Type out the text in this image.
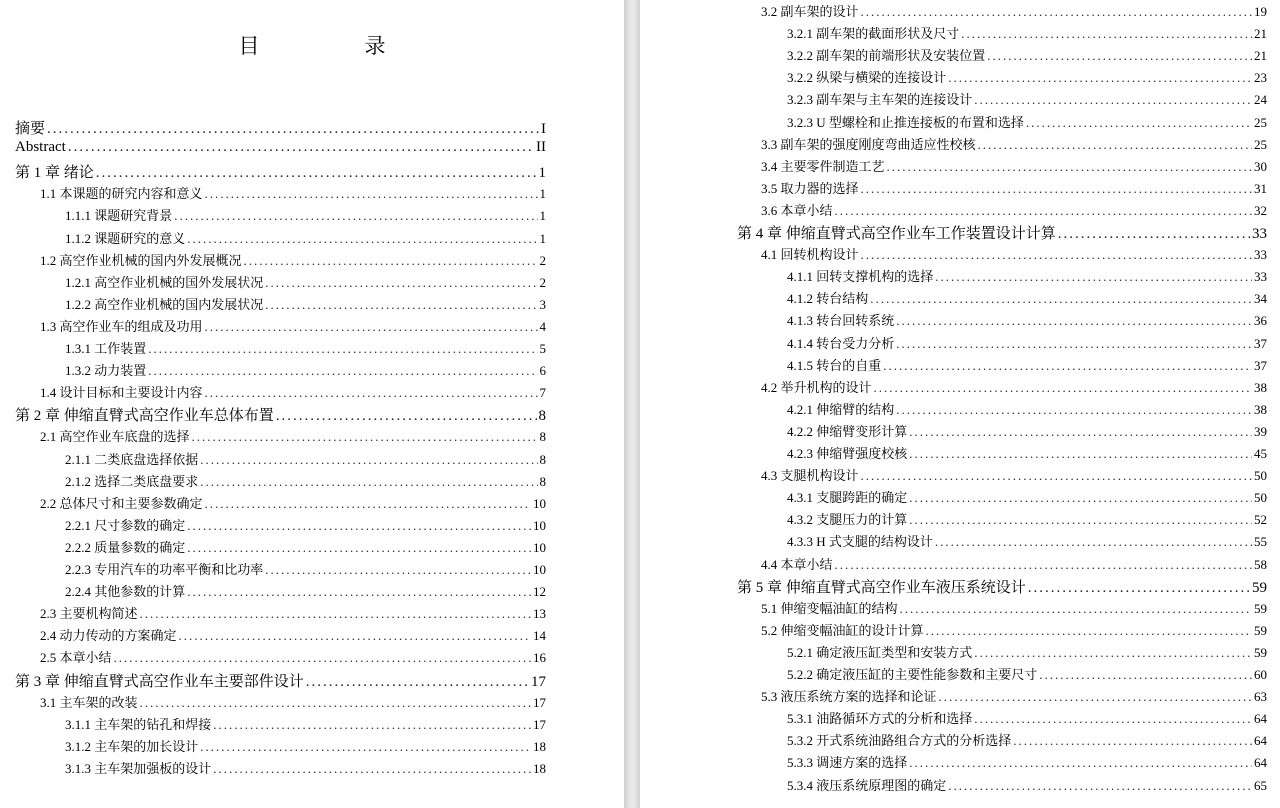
目　录
摘要 .....	I
Abstract .....	II
第 1 章 绪论 .....	1
1.1 本课题的研究内容和意义 .....	1
1.1.1 课题研究背景 .....	1
1.1.2 课题研究的意义 .....	1
1.2 高空作业机械的国内外发展概况 .....	2
1.2.1 高空作业机械的国外发展状况 .....	2
1.2.2 高空作业机械的国内发展状况 .....	3
1.3 高空作业车的组成及功用 .....	4
1.3.1 工作装置 .....	5
1.3.2 动力装置 .....	6
1.4 设计目标和主要设计内容 .....	7
第 2 章 伸缩直臂式高空作业车总体布置 .....	8
2.1 高空作业车底盘的选择 .....	8
2.1.1 二类底盘选择依据 .....	8
2.1.2 选择二类底盘要求 .....	8
2.2 总体尺寸和主要参数确定 .....	10
2.2.1 尺寸参数的确定 .....	10
2.2.2 质量参数的确定 .....	10
2.2.3 专用汽车的功率平衡和比功率 .....	10
2.2.4 其他参数的计算 .....	12
2.3 主要机构简述 .....	13
2.4 动力传动的方案确定 .....	14
2.5 本章小结 .....	16
第 3 章 伸缩直臂式高空作业车主要部件设计 .....	17
3.1 主车架的改装 .....	17
3.1.1 主车架的钻孔和焊接 .....	17
3.1.2 主车架的加长设计 .....	18
3.1.3 主车架加强板的设计 .....	18
3.2 副车架的设计 .....	19
3.2.1 副车架的截面形状及尺寸 .....	21
3.2.2 副车架的前端形状及安装位置 .....	21
3.2.2 纵梁与横梁的连接设计 .....	23
3.2.3 副车架与主车架的连接设计 .....	24
3.2.3 U 型螺栓和止推连接板的布置和选择 .....	25
3.3 副车架的强度刚度弯曲适应性校核 .....	25
3.4 主要零件制造工艺 .....	30
3.5 取力器的选择 .....	31
3.6 本章小结 .....	32
第 4 章 伸缩直臂式高空作业车工作装置设计计算 .....	33
4.1 回转机构设计 .....	33
4.1.1 回转支撑机构的选择 .....	33
4.1.2 转台结构 .....	34
4.1.3 转台回转系统 .....	36
4.1.4 转台受力分析 .....	37
4.1.5 转台的自重 .....	37
4.2 举升机构的设计 .....	38
4.2.1 伸缩臂的结构 .....	38
4.2.2 伸缩臂变形计算 .....	39
4.2.3 伸缩臂强度校核 .....	45
4.3 支腿机构设计 .....	50
4.3.1 支腿跨距的确定 .....	50
4.3.2 支腿压力的计算 .....	52
4.3.3 H 式支腿的结构设计 .....	55
4.4 本章小结 .....	58
第 5 章 伸缩直臂式高空作业车液压系统设计 .....	59
5.1 伸缩变幅油缸的结构 .....	59
5.2 伸缩变幅油缸的设计计算 .....	59
5.2.1 确定液压缸类型和安装方式 .....	59
5.2.2 确定液压缸的主要性能参数和主要尺寸 .....	60
5.3 液压系统方案的选择和论证 .....	63
5.3.1 油路循环方式的分析和选择 .....	64
5.3.2 开式系统油路组合方式的分析选择 .....	64
5.3.3 调速方案的选择 .....	64
5.3.4 液压系统原理图的确定 .....	65
